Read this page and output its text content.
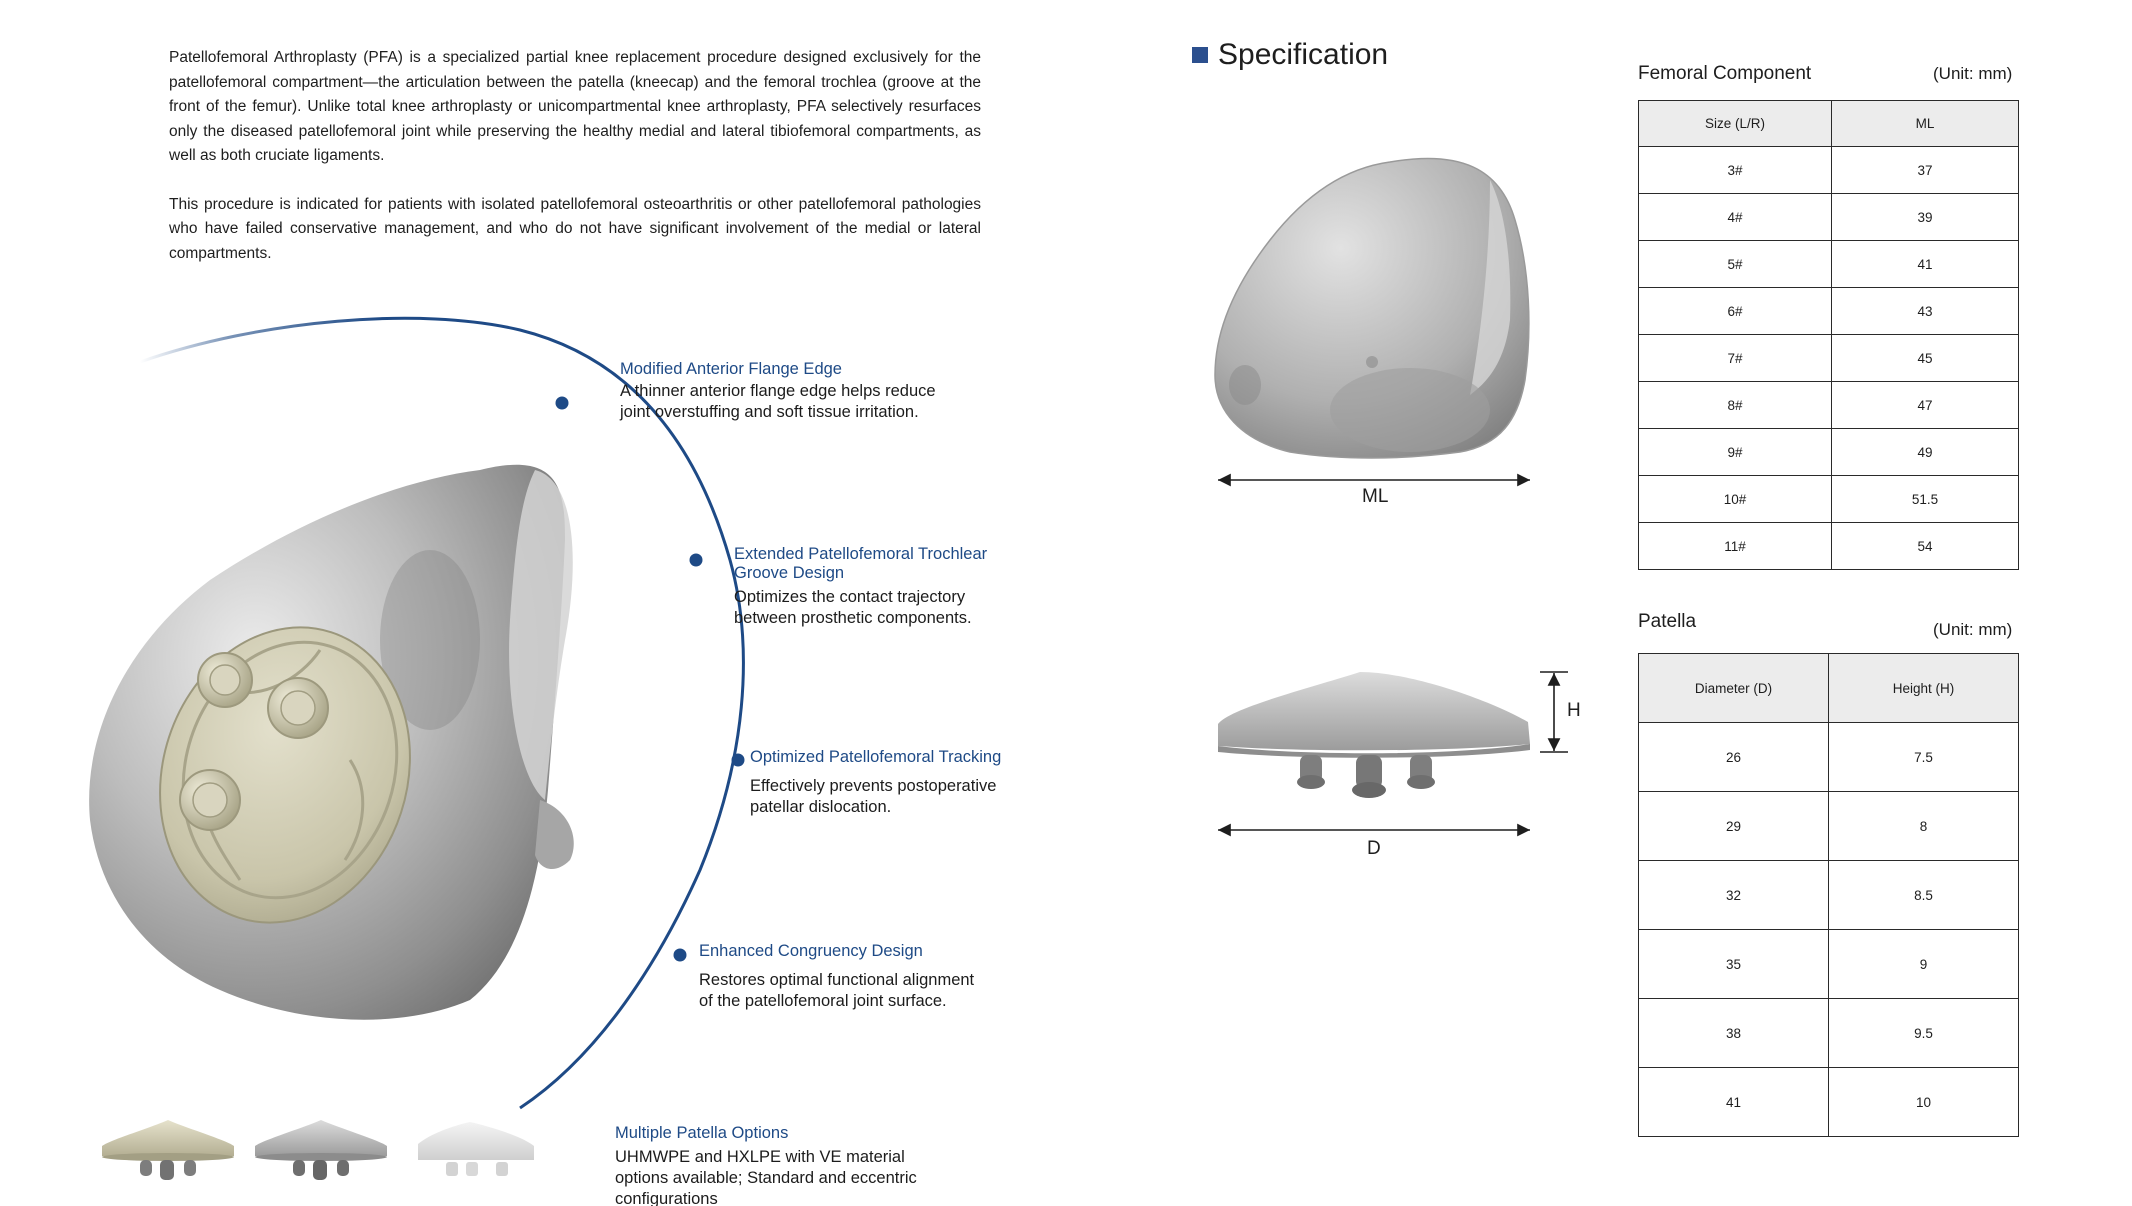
Patellofemoral Arthroplasty (PFA) is a specialized partial knee replacement procedure designed exclusively for the patellofemoral compartment—the articulation between the patella (kneecap) and the femoral trochlea (groove at the front of the femur). Unlike total knee arthroplasty or unicompartmental knee arthroplasty, PFA selectively resurfaces only the diseased patellofemoral joint while preserving the healthy medial and lateral tibiofemoral compartments, as well as both cruciate ligaments.

This procedure is indicated for patients with isolated patellofemoral osteoarthritis or other patellofemoral pathologies who have failed conservative management, and who do not have significant involvement of the medial or lateral compartments.

Modified Anterior Flange Edge
A thinner anterior flange edge helps reduce joint overstuffing and soft tissue irritation.
Extended Patellofemoral Trochlear Groove Design
Optimizes the contact trajectory between prosthetic components.
Optimized Patellofemoral Tracking
Effectively prevents postoperative patellar dislocation.
Enhanced Congruency Design
Restores optimal functional alignment of the patellofemoral joint surface.
Multiple Patella Options
UHMWPE and HXLPE with VE material options available; Standard and eccentric configurations
Specification
ML
H
D
Femoral Component	(Unit: mm)
Size (L/R)	ML
3#	37
4#	39
5#	41
6#	43
7#	45
8#	47
9#	49
10#	51.5
11#	54
Patella	(Unit: mm)
Diameter (D)	Height (H)
26	7.5
29	8
32	8.5
35	9
38	9.5
41	10
